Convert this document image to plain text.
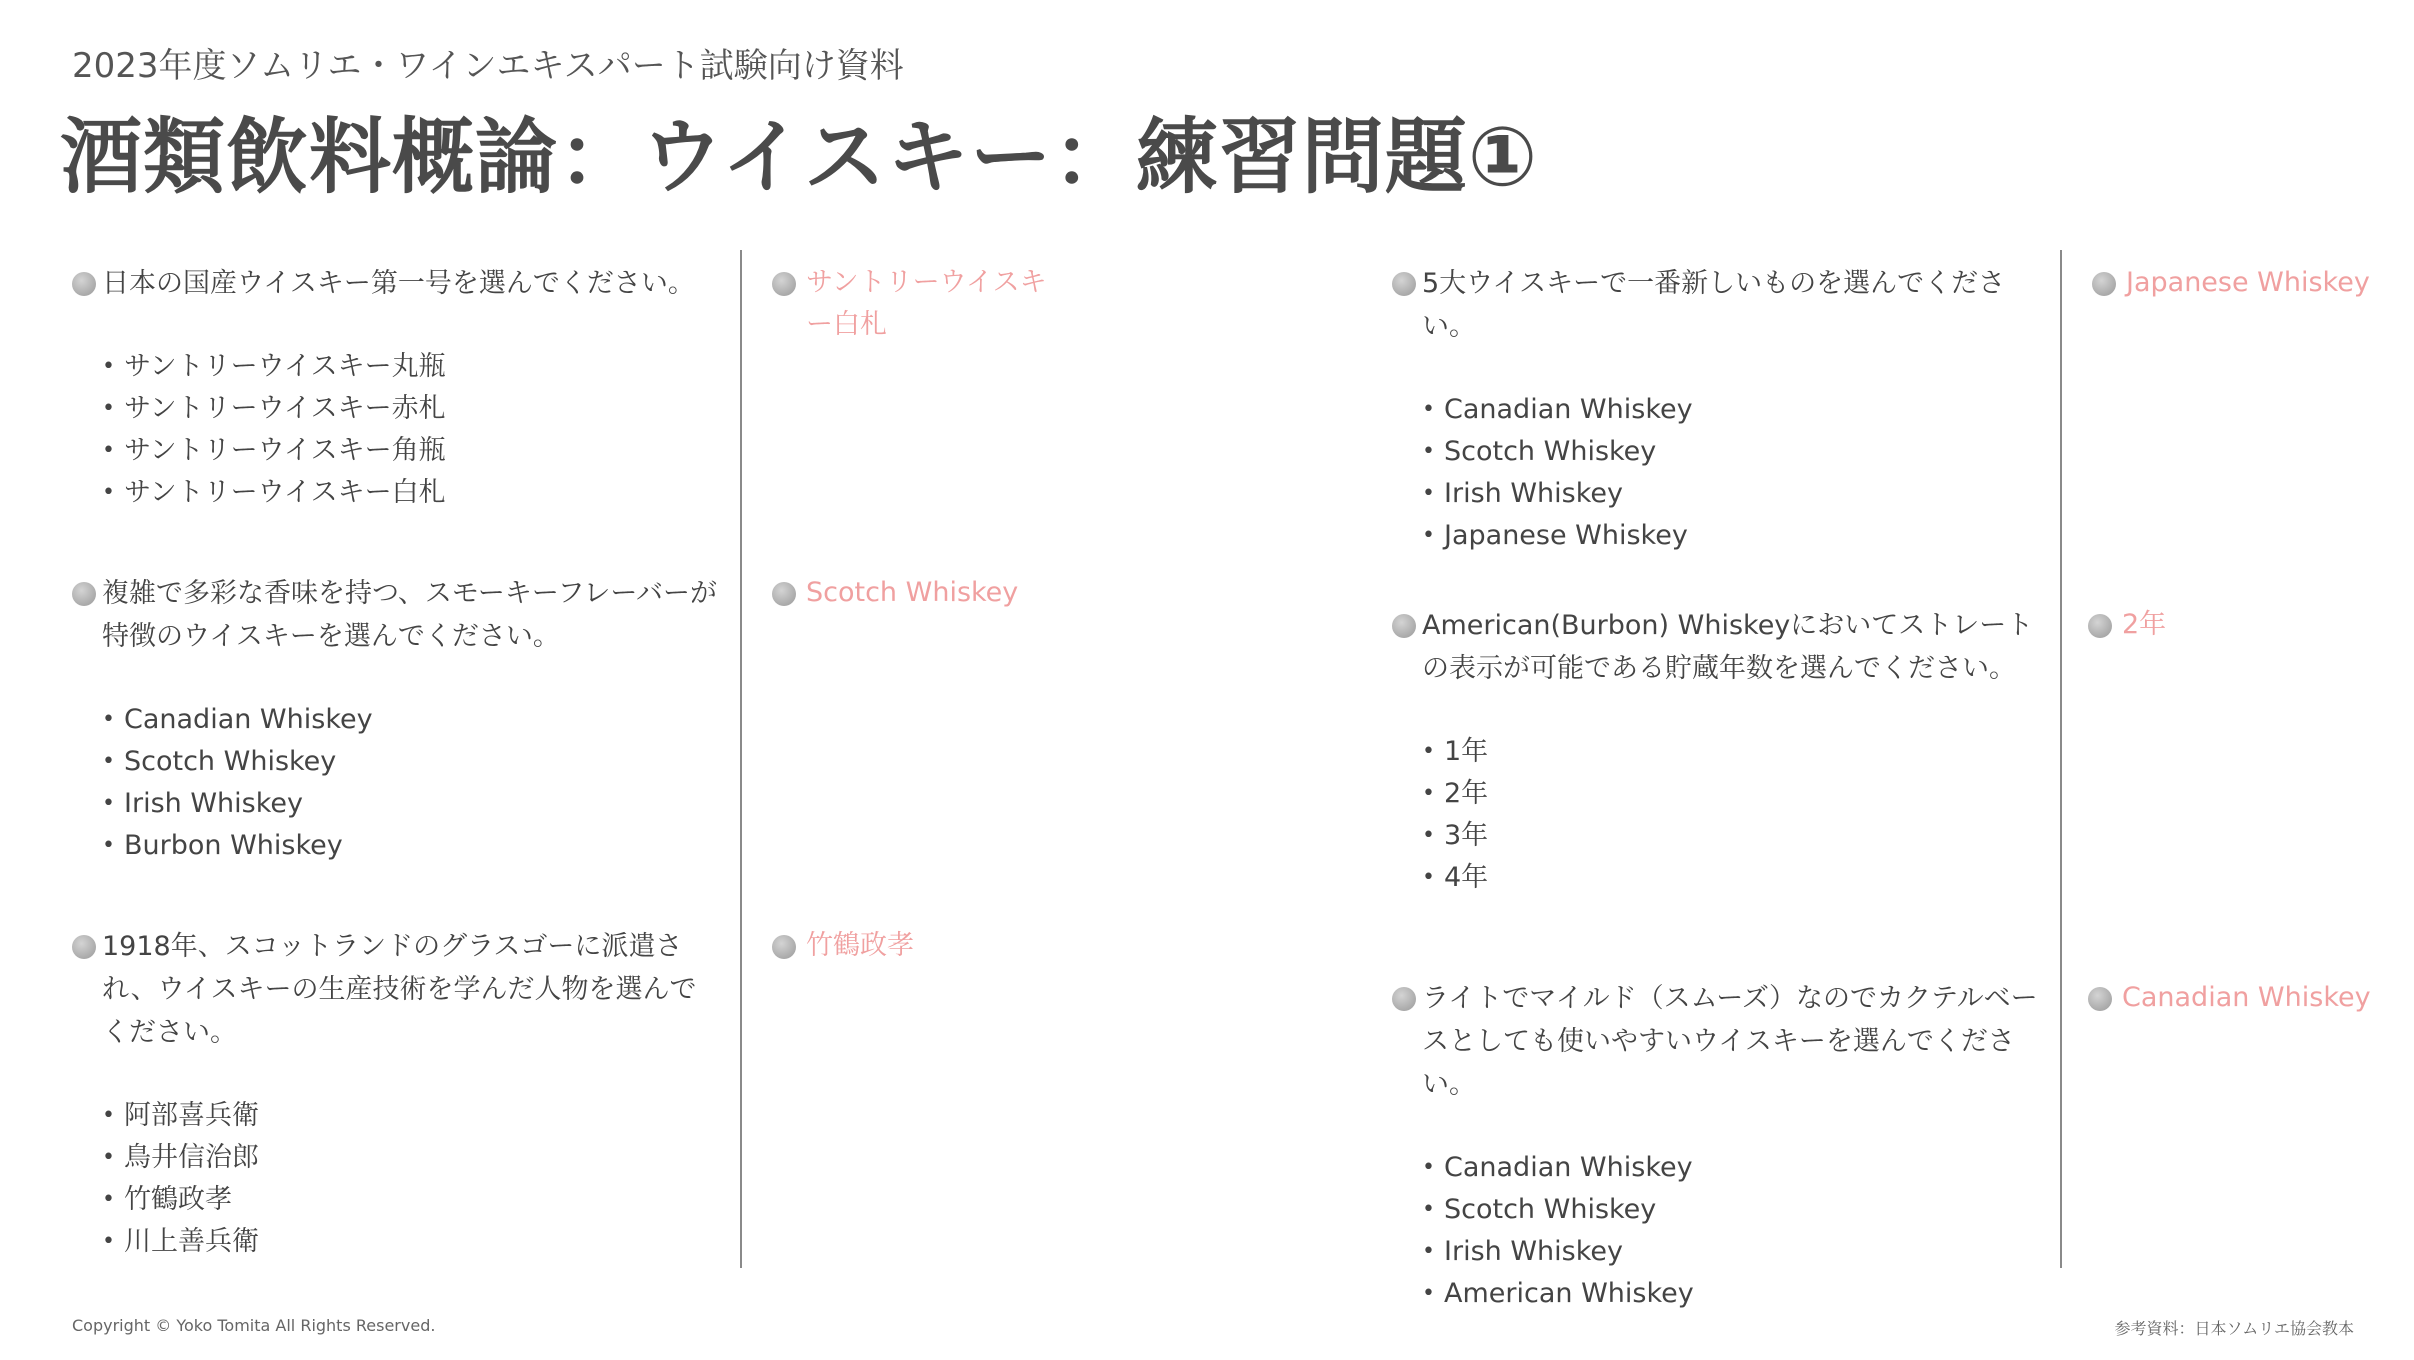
2023年度ソムリエ・ワインエキスパート試験向け資料
酒類飲料概論：ウイスキー：練習問題①
日本の国産ウイスキー第一号を選んでください。
• サントリーウイスキー丸瓶
• サントリーウイスキー赤札
• サントリーウイスキー角瓶
• サントリーウイスキー白札
サントリーウイスキー白札
複雑で多彩な香味を持つ、スモーキーフレーバーが特徴のウイスキーを選んでください。
• Canadian Whiskey
• Scotch Whiskey
• Irish Whiskey
• Burbon Whiskey
Scotch Whiskey
1918年、スコットランドのグラスゴーに派遣され、ウイスキーの生産技術を学んだ人物を選んでください。
• 阿部喜兵衛
• 鳥井信治郎
• 竹鶴政孝
• 川上善兵衛
竹鶴政孝
5大ウイスキーで一番新しいものを選んでください。
• Canadian Whiskey
• Scotch Whiskey
• Irish Whiskey
• Japanese Whiskey
Japanese Whiskey
American(Burbon) Whiskeyにおいてストレートの表示が可能である貯蔵年数を選んでください。
• 1年
• 2年
• 3年
• 4年
2年
ライトでマイルド（スムーズ）なのでカクテルベースとしても使いやすいウイスキーを選んでください。
• Canadian Whiskey
• Scotch Whiskey
• Irish Whiskey
• American Whiskey
Canadian Whiskey
Copyright © Yoko Tomita All Rights Reserved.	参考資料：日本ソムリエ協会教本
